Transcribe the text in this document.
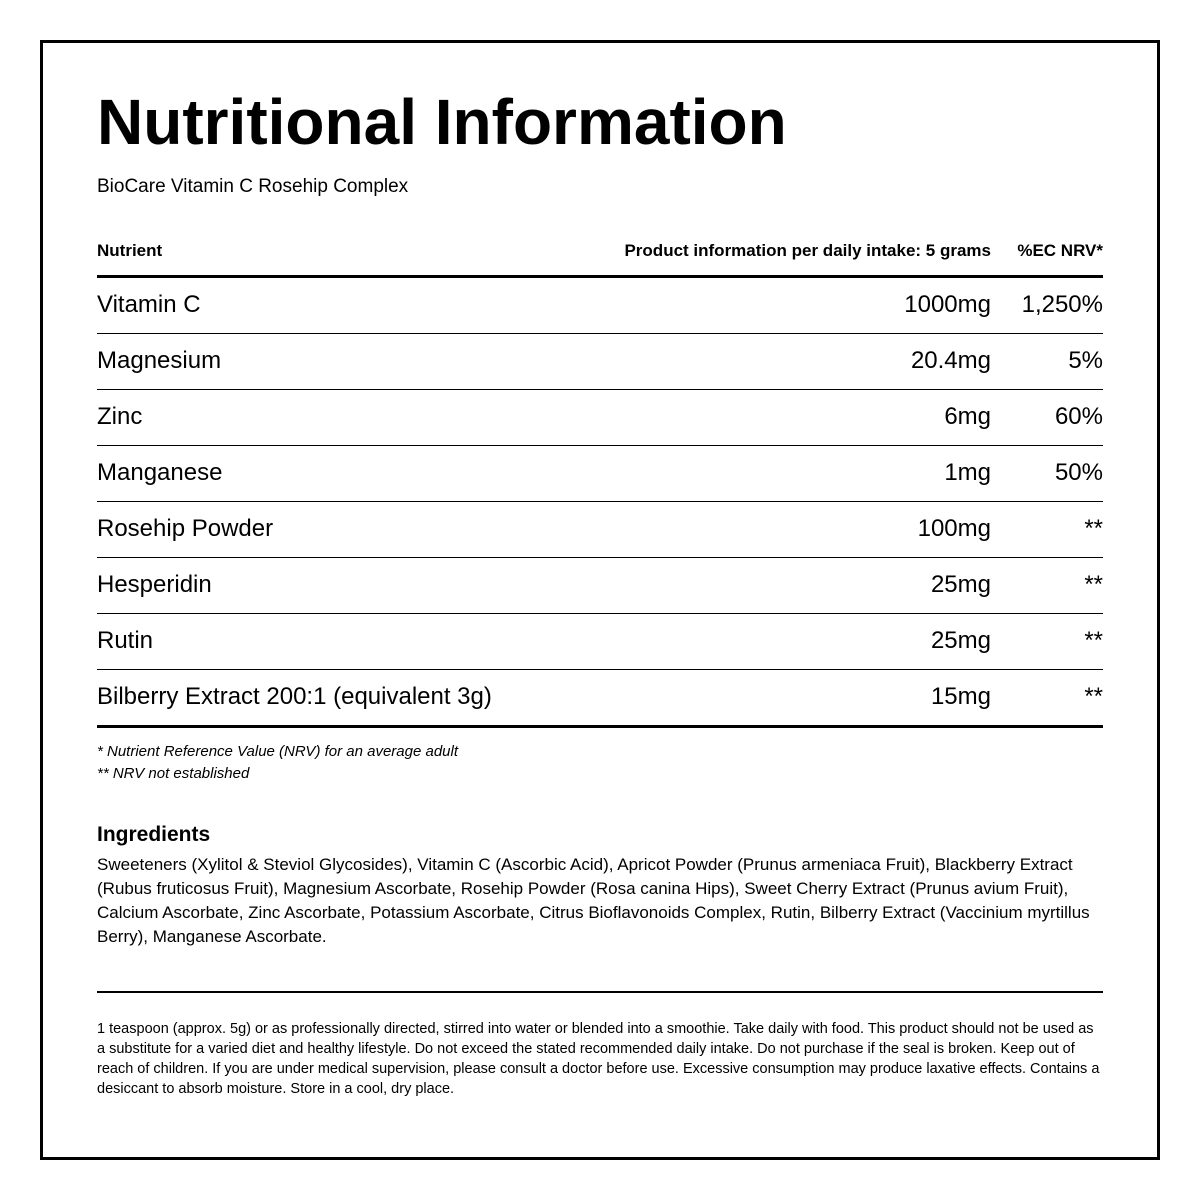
Nutritional Information

BioCare Vitamin C Rosehip Complex

Nutrient	Product information per daily intake: 5 grams %EC NRV*
Vitamin C	1000mg 1,250%
Magnesium	20.4mg	5%
Zinc	6mg	60%
Manganese	1mg	50%
Rosehip Powder	100mg	**
Hesperidin	25mg	**
Rutin	25mg	**
Bilberry Extract 200:1 (equivalent 3g)	15mg	**
* Nutrient Reference Value (NRV) for an average adult
** NRV not established
Ingredients

Sweeteners (Xylitol & Steviol Glycosides), Vitamin C (Ascorbic Acid), Apricot Powder (Prunus armeniaca Fruit), Blackberry Extract (Rubus fruticosus Fruit), Magnesium Ascorbate, Rosehip Powder (Rosa canina Hips), Sweet Cherry Extract (Prunus avium Fruit), Calcium Ascorbate, Zinc Ascorbate, Potassium Ascorbate, Citrus Bioflavonoids Complex, Rutin, Bilberry Extract (Vaccinium myrtillus Berry), Manganese Ascorbate.

1 teaspoon (approx. 5g) or as professionally directed, stirred into water or blended into a smoothie. Take daily with food. This product should not be used as a substitute for a varied diet and healthy lifestyle. Do not exceed the stated recommended daily intake. Do not purchase if the seal is broken. Keep out of reach of children. If you are under medical supervision, please consult a doctor before use. Excessive consumption may produce laxative effects. Contains a desiccant to absorb moisture. Store in a cool, dry place.
